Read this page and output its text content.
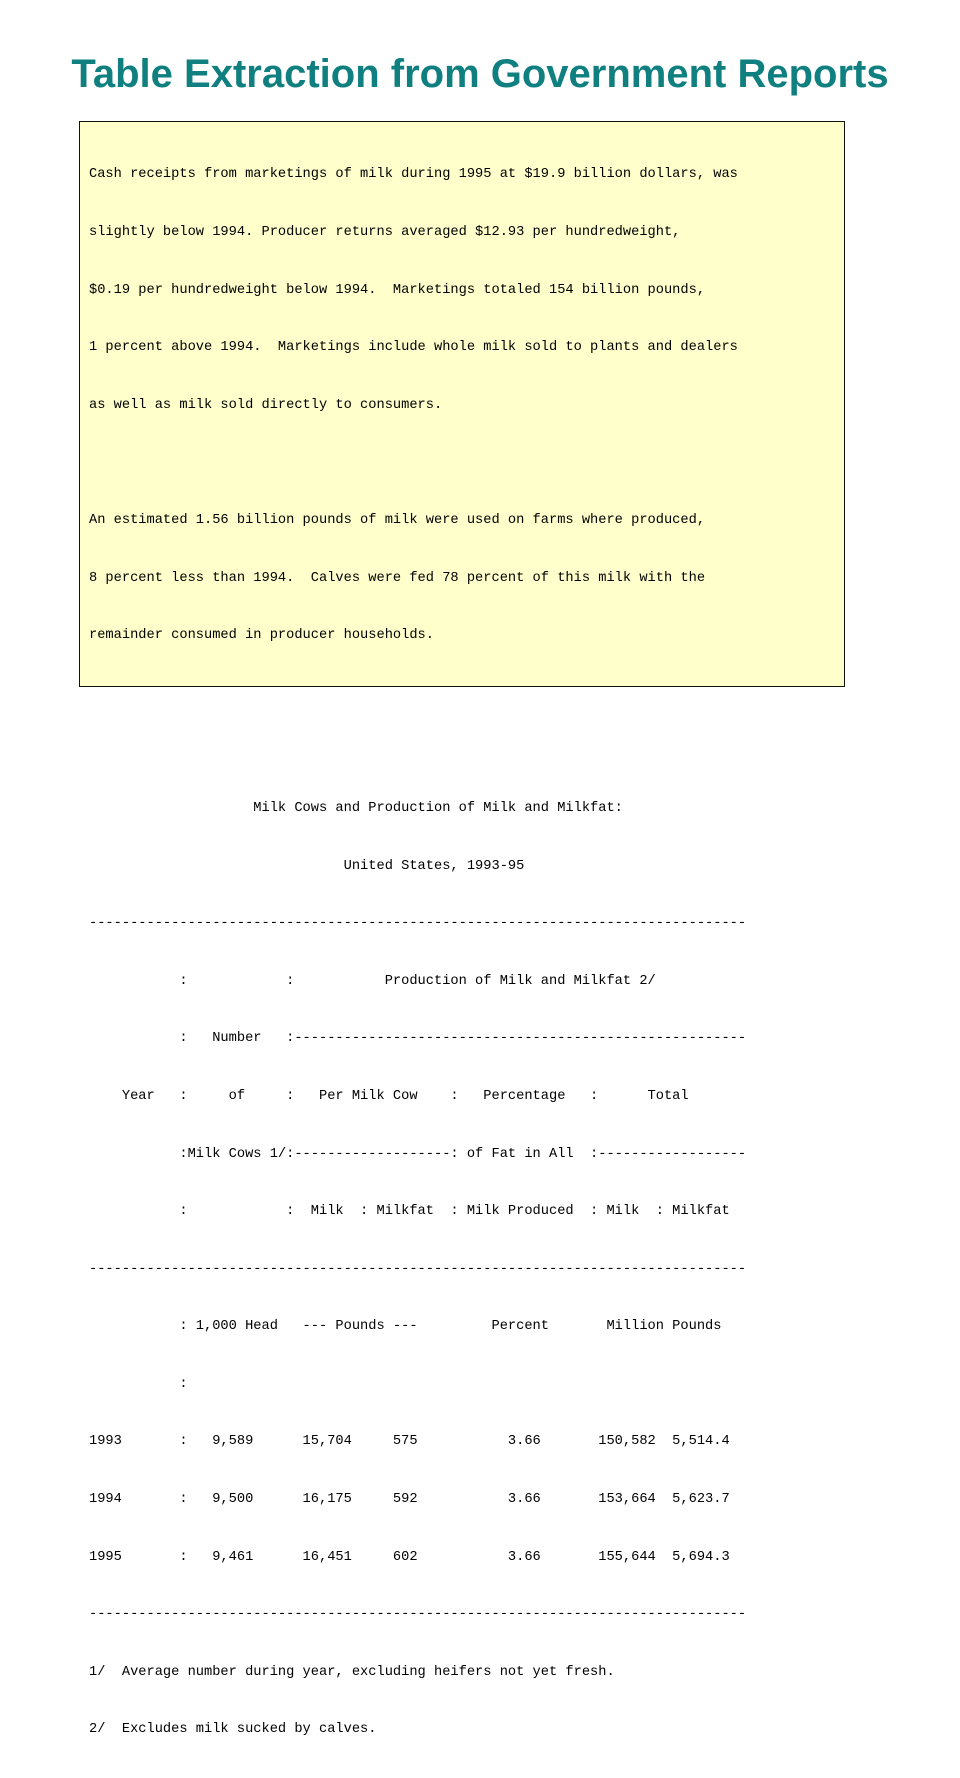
Table Extraction from Government Reports

Cash receipts from marketings of milk during 1995 at $19.9 billion dollars, was

slightly below 1994. Producer returns averaged $12.93 per hundredweight,

$0.19 per hundredweight below 1994.  Marketings totaled 154 billion pounds,

1 percent above 1994.  Marketings include whole milk sold to plants and dealers

as well as milk sold directly to consumers.

An estimated 1.56 billion pounds of milk were used on farms where produced,

8 percent less than 1994.  Calves were fed 78 percent of this milk with the

remainder consumed in producer households.

Milk Cows and Production of Milk and Milkfat:

United States, 1993-95

--------------------------------------------------------------------------------

:            :           Production of Milk and Milkfat 2/

:   Number   :-------------------------------------------------------

Year   :     of     :   Per Milk Cow    :   Percentage   :      Total

:Milk Cows 1/:-------------------: of Fat in All  :------------------

:            :  Milk  : Milkfat  : Milk Produced  : Milk  : Milkfat

--------------------------------------------------------------------------------

: 1,000 Head   --- Pounds ---         Percent       Million Pounds

:

1993       :   9,589      15,704     575           3.66       150,582  5,514.4

1994       :   9,500      16,175     592           3.66       153,664  5,623.7

1995       :   9,461      16,451     602           3.66       155,644  5,694.3

--------------------------------------------------------------------------------

1/  Average number during year, excluding heifers not yet fresh.

2/  Excludes milk sucked by calves.
